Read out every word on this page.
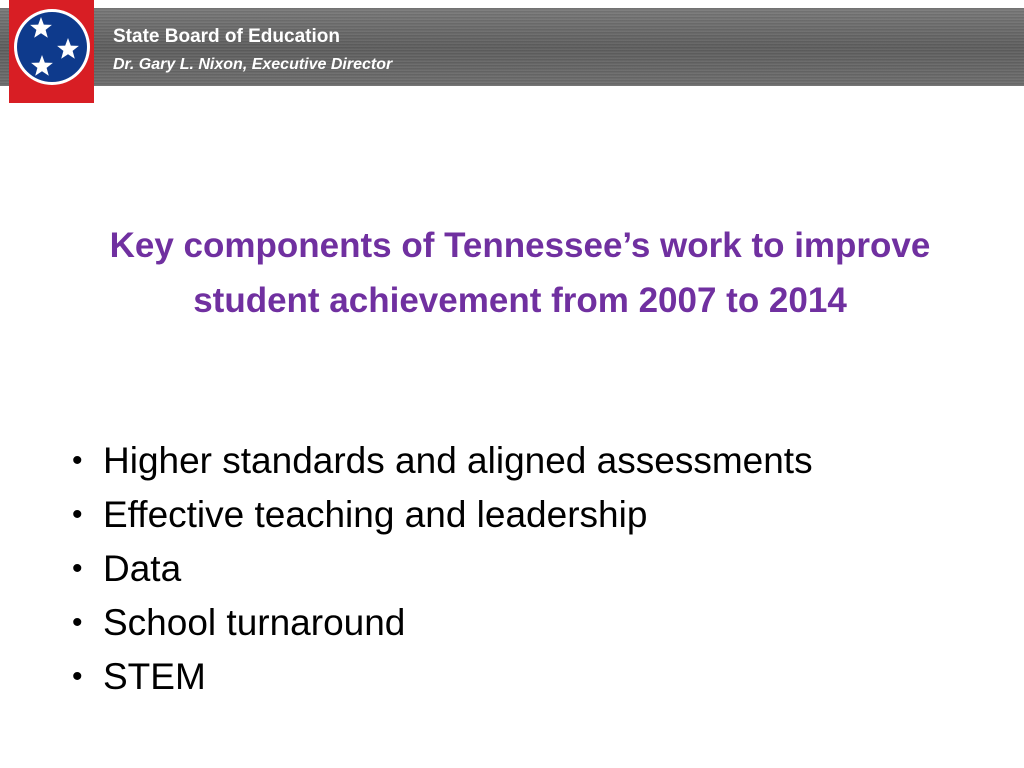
State Board of Education
Dr. Gary L. Nixon, Executive Director
Key components of Tennessee’s work to improve student achievement from 2007 to 2014
• Higher standards and aligned assessments
• Effective teaching and leadership
• Data
• School turnaround
• STEM
